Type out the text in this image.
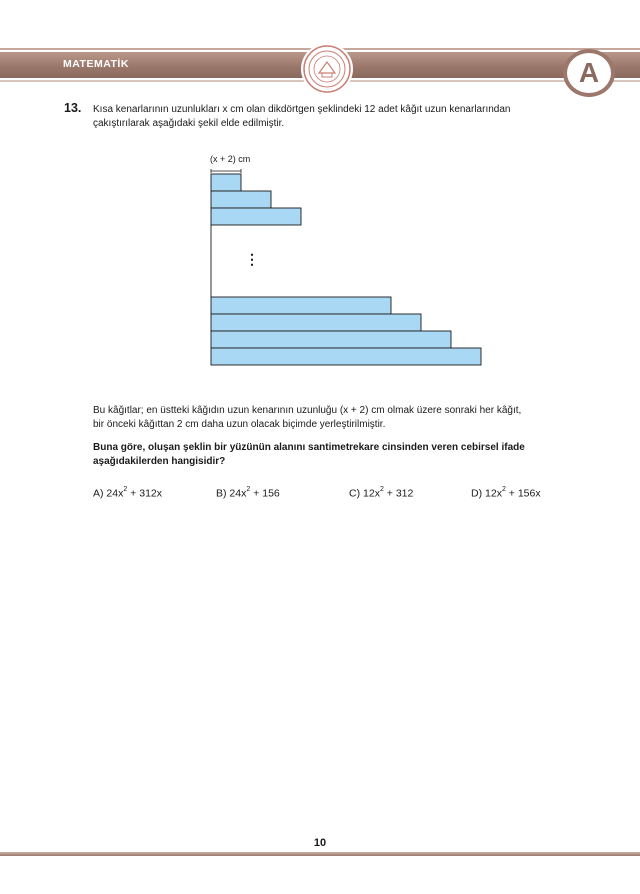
MATEMATİK	A
13. Kısa kenarlarının uzunlukları x cm olan dikdörtgen şeklindeki 12 adet kâğıt uzun kenarlarından
çakıştırılarak aşağıdaki şekil elde edilmiştir.
(x + 2) cm
⋮
Bu kâğıtlar; en üstteki kâğıdın uzun kenarının uzunluğu (x + 2) cm olmak üzere sonraki her kâğıt,
bir önceki kâğıttan 2 cm daha uzun olacak biçimde yerleştirilmiştir.
Buna göre, oluşan şeklin bir yüzünün alanını santimetrekare cinsinden veren cebirsel ifade
aşağıdakilerden hangisidir?
A) $24x^2 + 312x$	B) $24x^2 + 156$	C) $12x^2 + 312$	D) $12x^2 + 156x$
10
